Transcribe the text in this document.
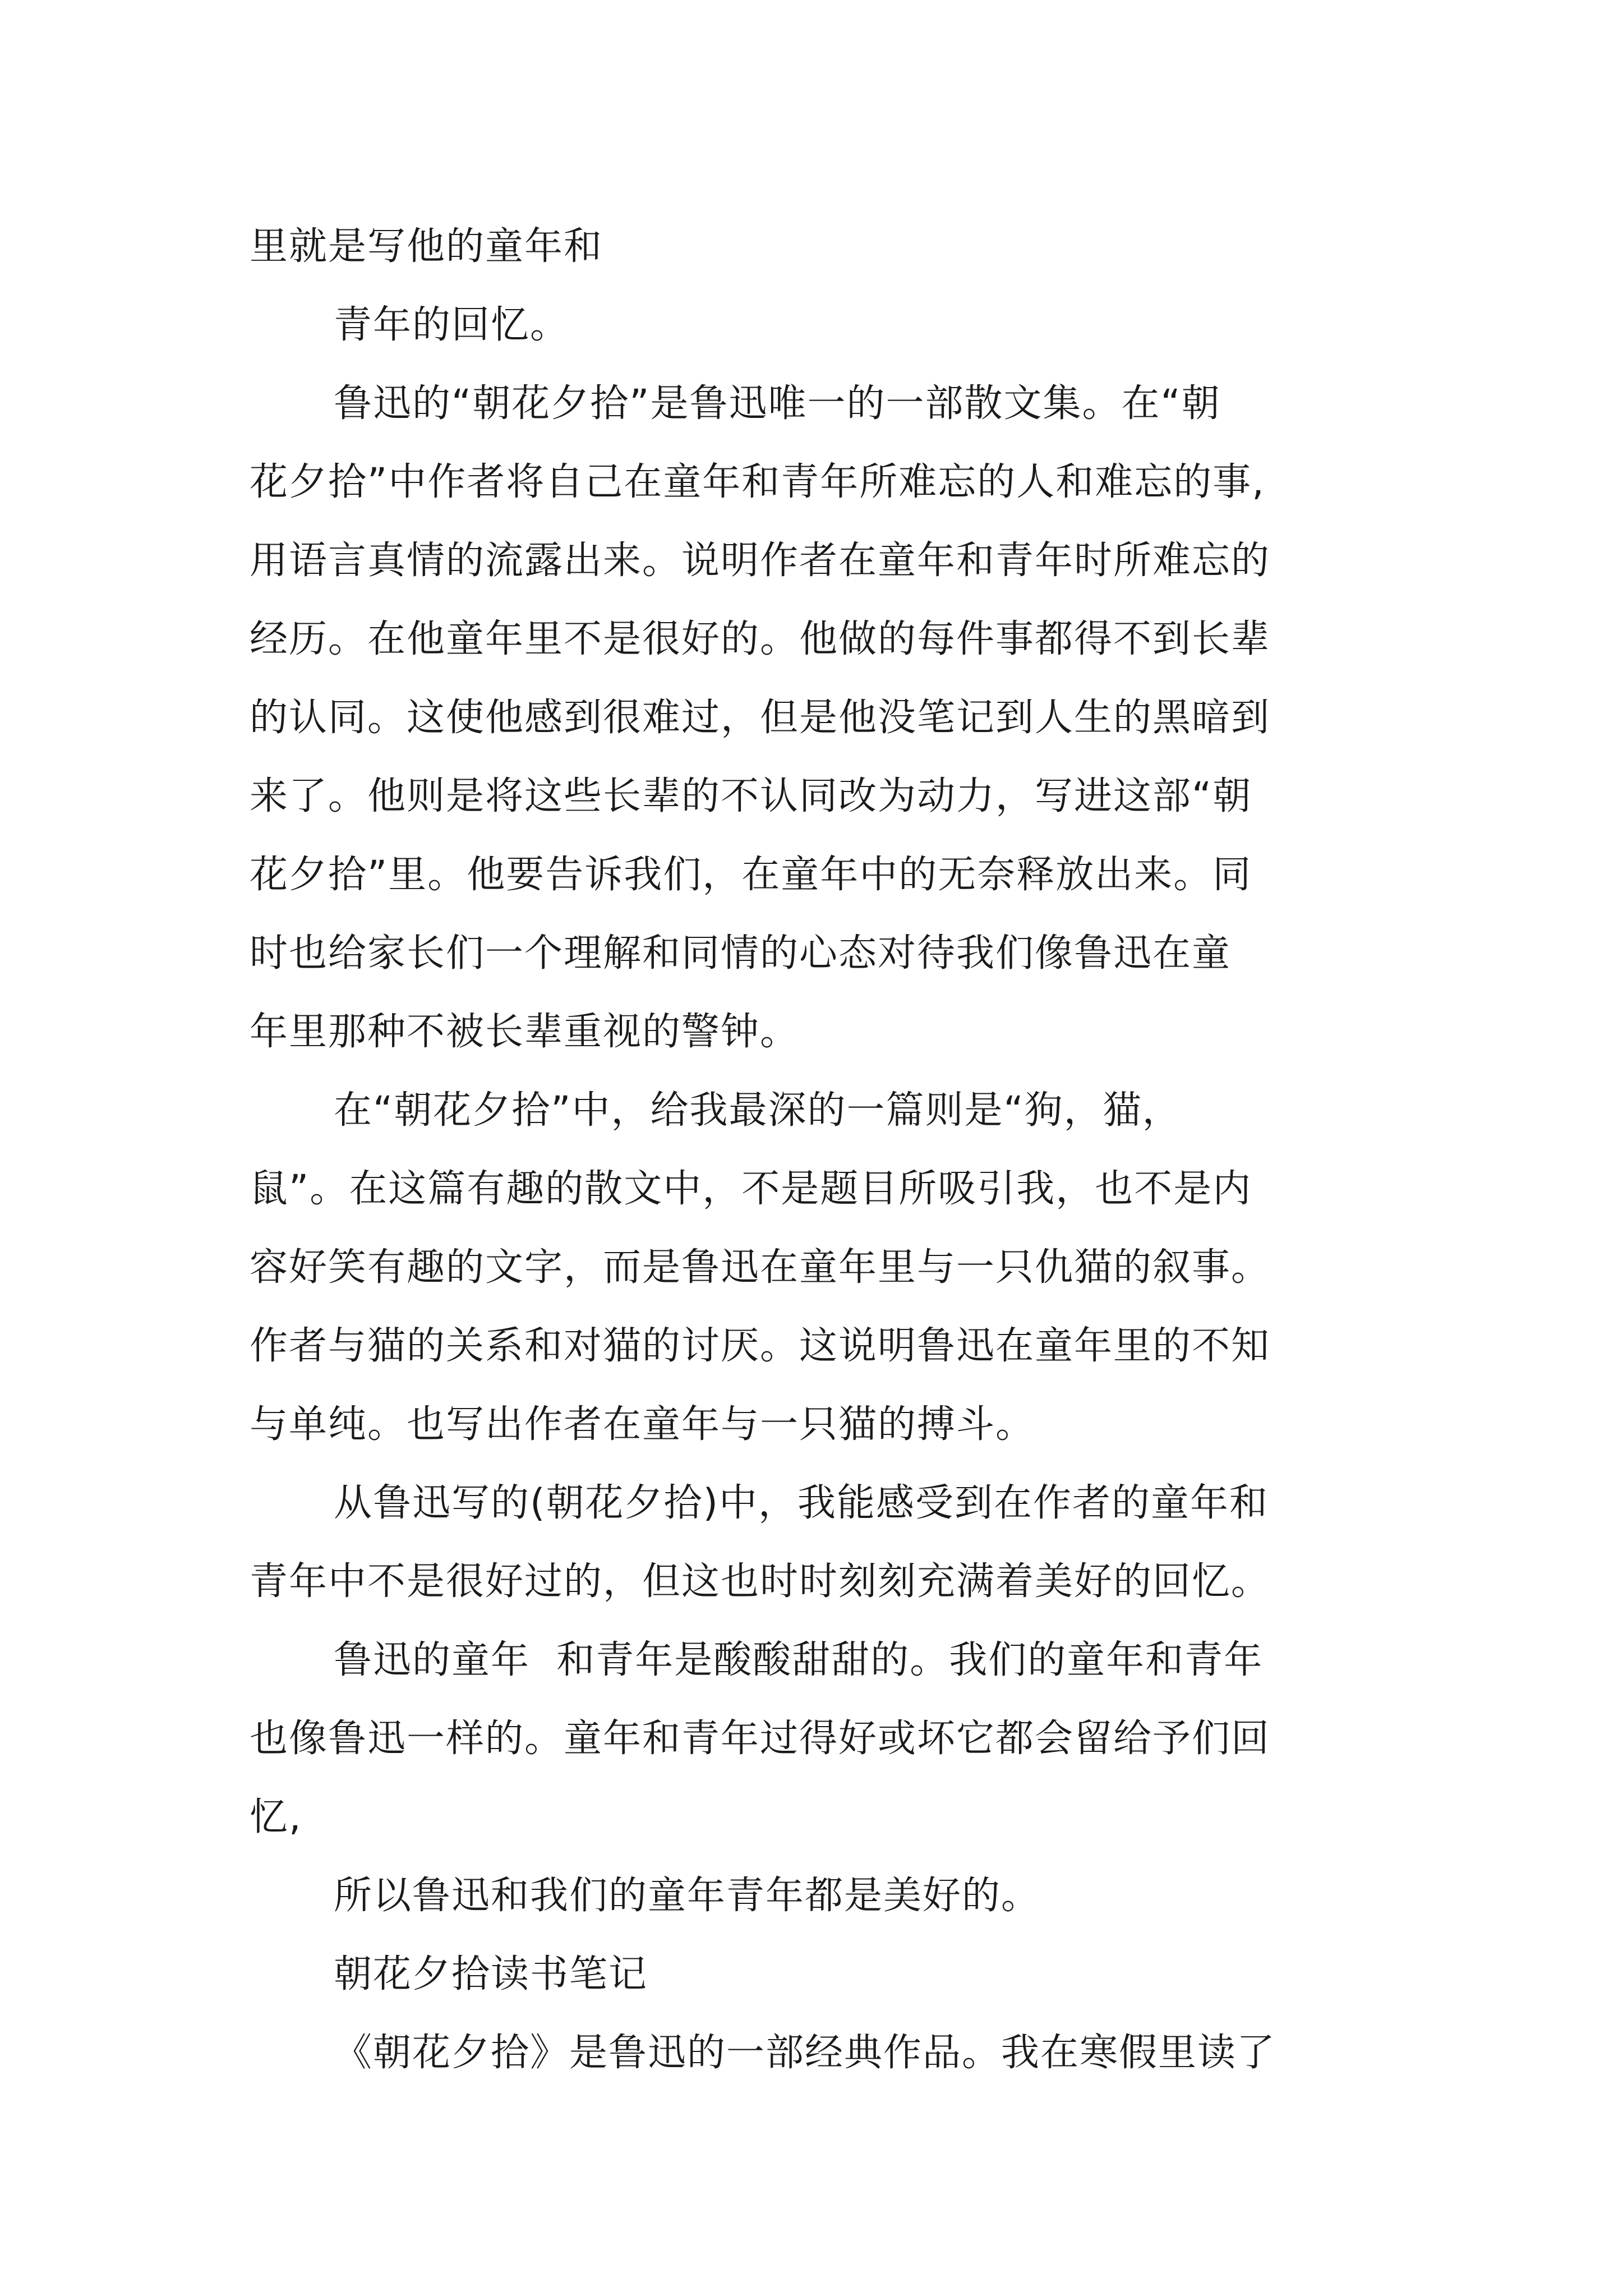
里就是写他的童年和
青年的回忆。
鲁迅的“朝花夕拾”是鲁迅唯一的一部散文集。在“朝
花夕拾”中作者将自己在童年和青年所难忘的人和难忘的事,
用语言真情的流露出来。说明作者在童年和青年时所难忘的
经历。在他童年里不是很好的。他做的每件事都得不到长辈
的认同。这使他感到很难过，但是他没笔记到人生的黑暗到
来了。他则是将这些长辈的不认同改为动力，写进这部“朝
花夕拾”里。他要告诉我们，在童年中的无奈释放出来。同
时也给家长们一个理解和同情的心态对待我们像鲁迅在童
年里那种不被长辈重视的警钟。
在“朝花夕拾”中，给我最深的一篇则是“狗，猫，
鼠”。在这篇有趣的散文中，不是题目所吸引我，也不是内
容好笑有趣的文字，而是鲁迅在童年里与一只仇猫的叙事。
作者与猫的关系和对猫的讨厌。这说明鲁迅在童年里的不知
与单纯。也写出作者在童年与一只猫的搏斗。
从鲁迅写的(朝花夕拾)中，我能感受到在作者的童年和
青年中不是很好过的，但这也时时刻刻充满着美好的回忆。
鲁迅的童年  和青年是酸酸甜甜的。我们的童年和青年
也像鲁迅一样的。童年和青年过得好或坏它都会留给予们回
忆,
所以鲁迅和我们的童年青年都是美好的。
朝花夕拾读书笔记
《朝花夕拾》是鲁迅的一部经典作品。我在寒假里读了
